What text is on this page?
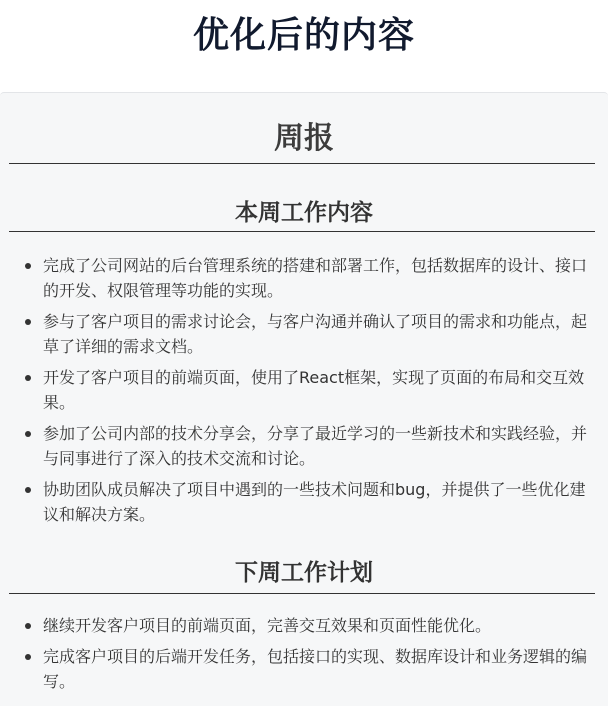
优化后的内容
周报
本周工作内容
完成了公司网站的后台管理系统的搭建和部署工作，包括数据库的设计、接口的开发、权限管理等功能的实现。
参与了客户项目的需求讨论会，与客户沟通并确认了项目的需求和功能点，起草了详细的需求文档。
开发了客户项目的前端页面，使用了React框架，实现了页面的布局和交互效果。
参加了公司内部的技术分享会，分享了最近学习的一些新技术和实践经验，并与同事进行了深入的技术交流和讨论。
协助团队成员解决了项目中遇到的一些技术问题和bug，并提供了一些优化建议和解决方案。
下周工作计划
继续开发客户项目的前端页面，完善交互效果和页面性能优化。
完成客户项目的后端开发任务，包括接口的实现、数据库设计和业务逻辑的编写。
